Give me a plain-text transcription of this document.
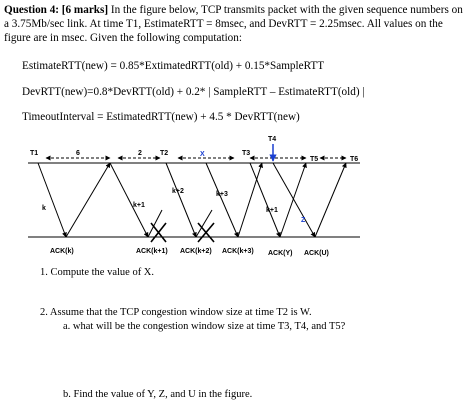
Question 4: [6 marks] In the figure below, TCP transmits packet with the given sequence numbers on a 3.75Mb/sec link. At time T1, EstimateRTT = 8msec, and DevRTT = 2.25msec. All values on the figure are in msec. Given the following computation:
EstimateRTT(new) = 0.85*ExtimatedRTT(old) + 0.15*SampleRTT
DevRTT(new)=0.8*DevRTT(old) + 0.2* | SampleRTT – EstimateRTT(old) |
TimeoutInterval = EstimatedRTT(new) + 4.5 * DevRTT(new)
T1	6	2	T2	X	T3
T4
T5	T6
k	k+1
k+2	k+3
k+1
Z
ACK(k)	ACK(k+1) ACK(k+2) ACK(k+3) ACK(Y) ACK(U)
1. Compute the value of X.
2. Assume that the TCP congestion window size at time T2 is W.
a. what will be the congestion window size at time T3, T4, and T5?
b. Find the value of Y, Z, and U in the figure.
